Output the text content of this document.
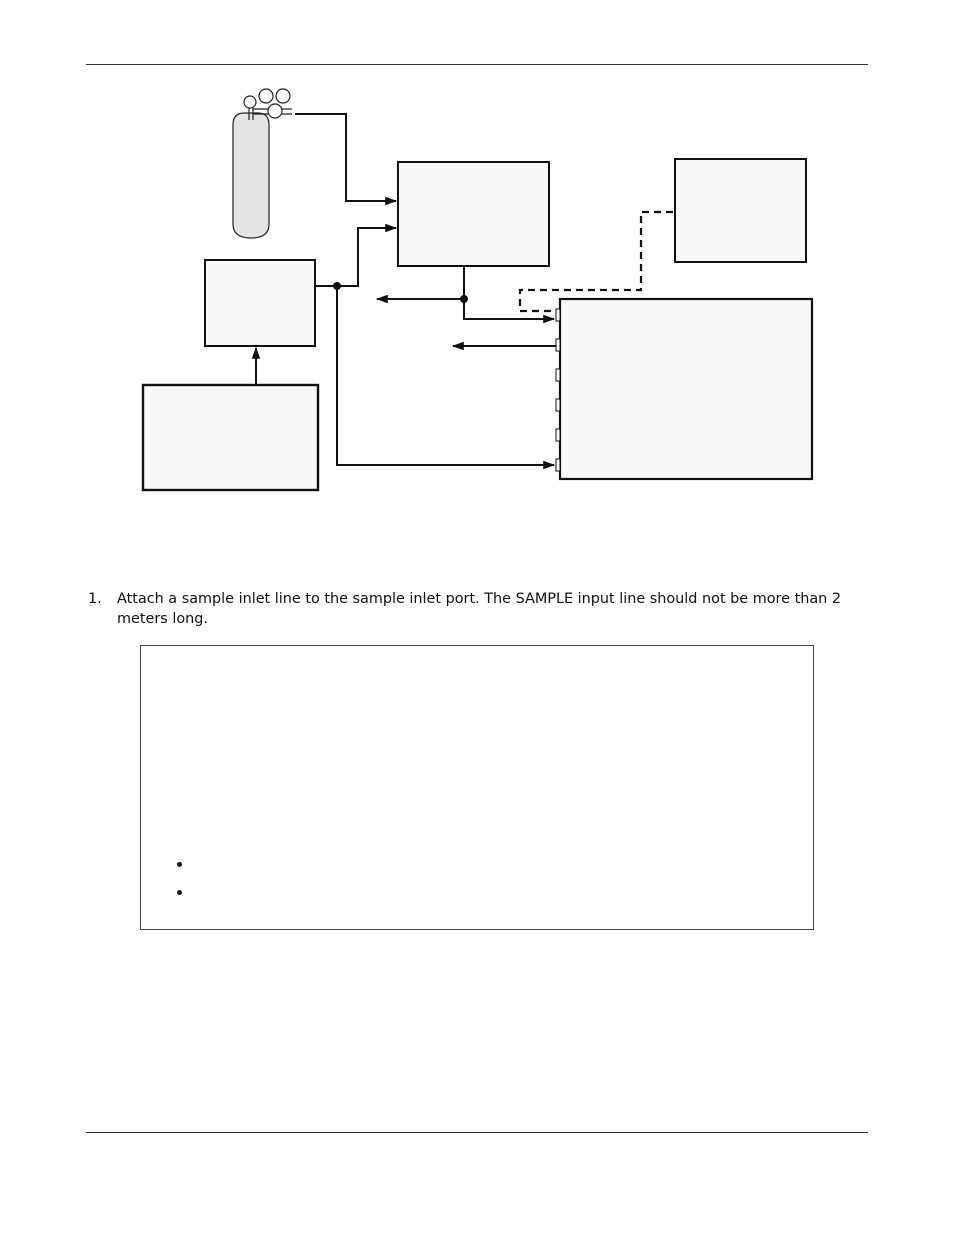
1. Attach a sample inlet line to the sample inlet port. The SAMPLE input line should not be more than 2 meters long.
